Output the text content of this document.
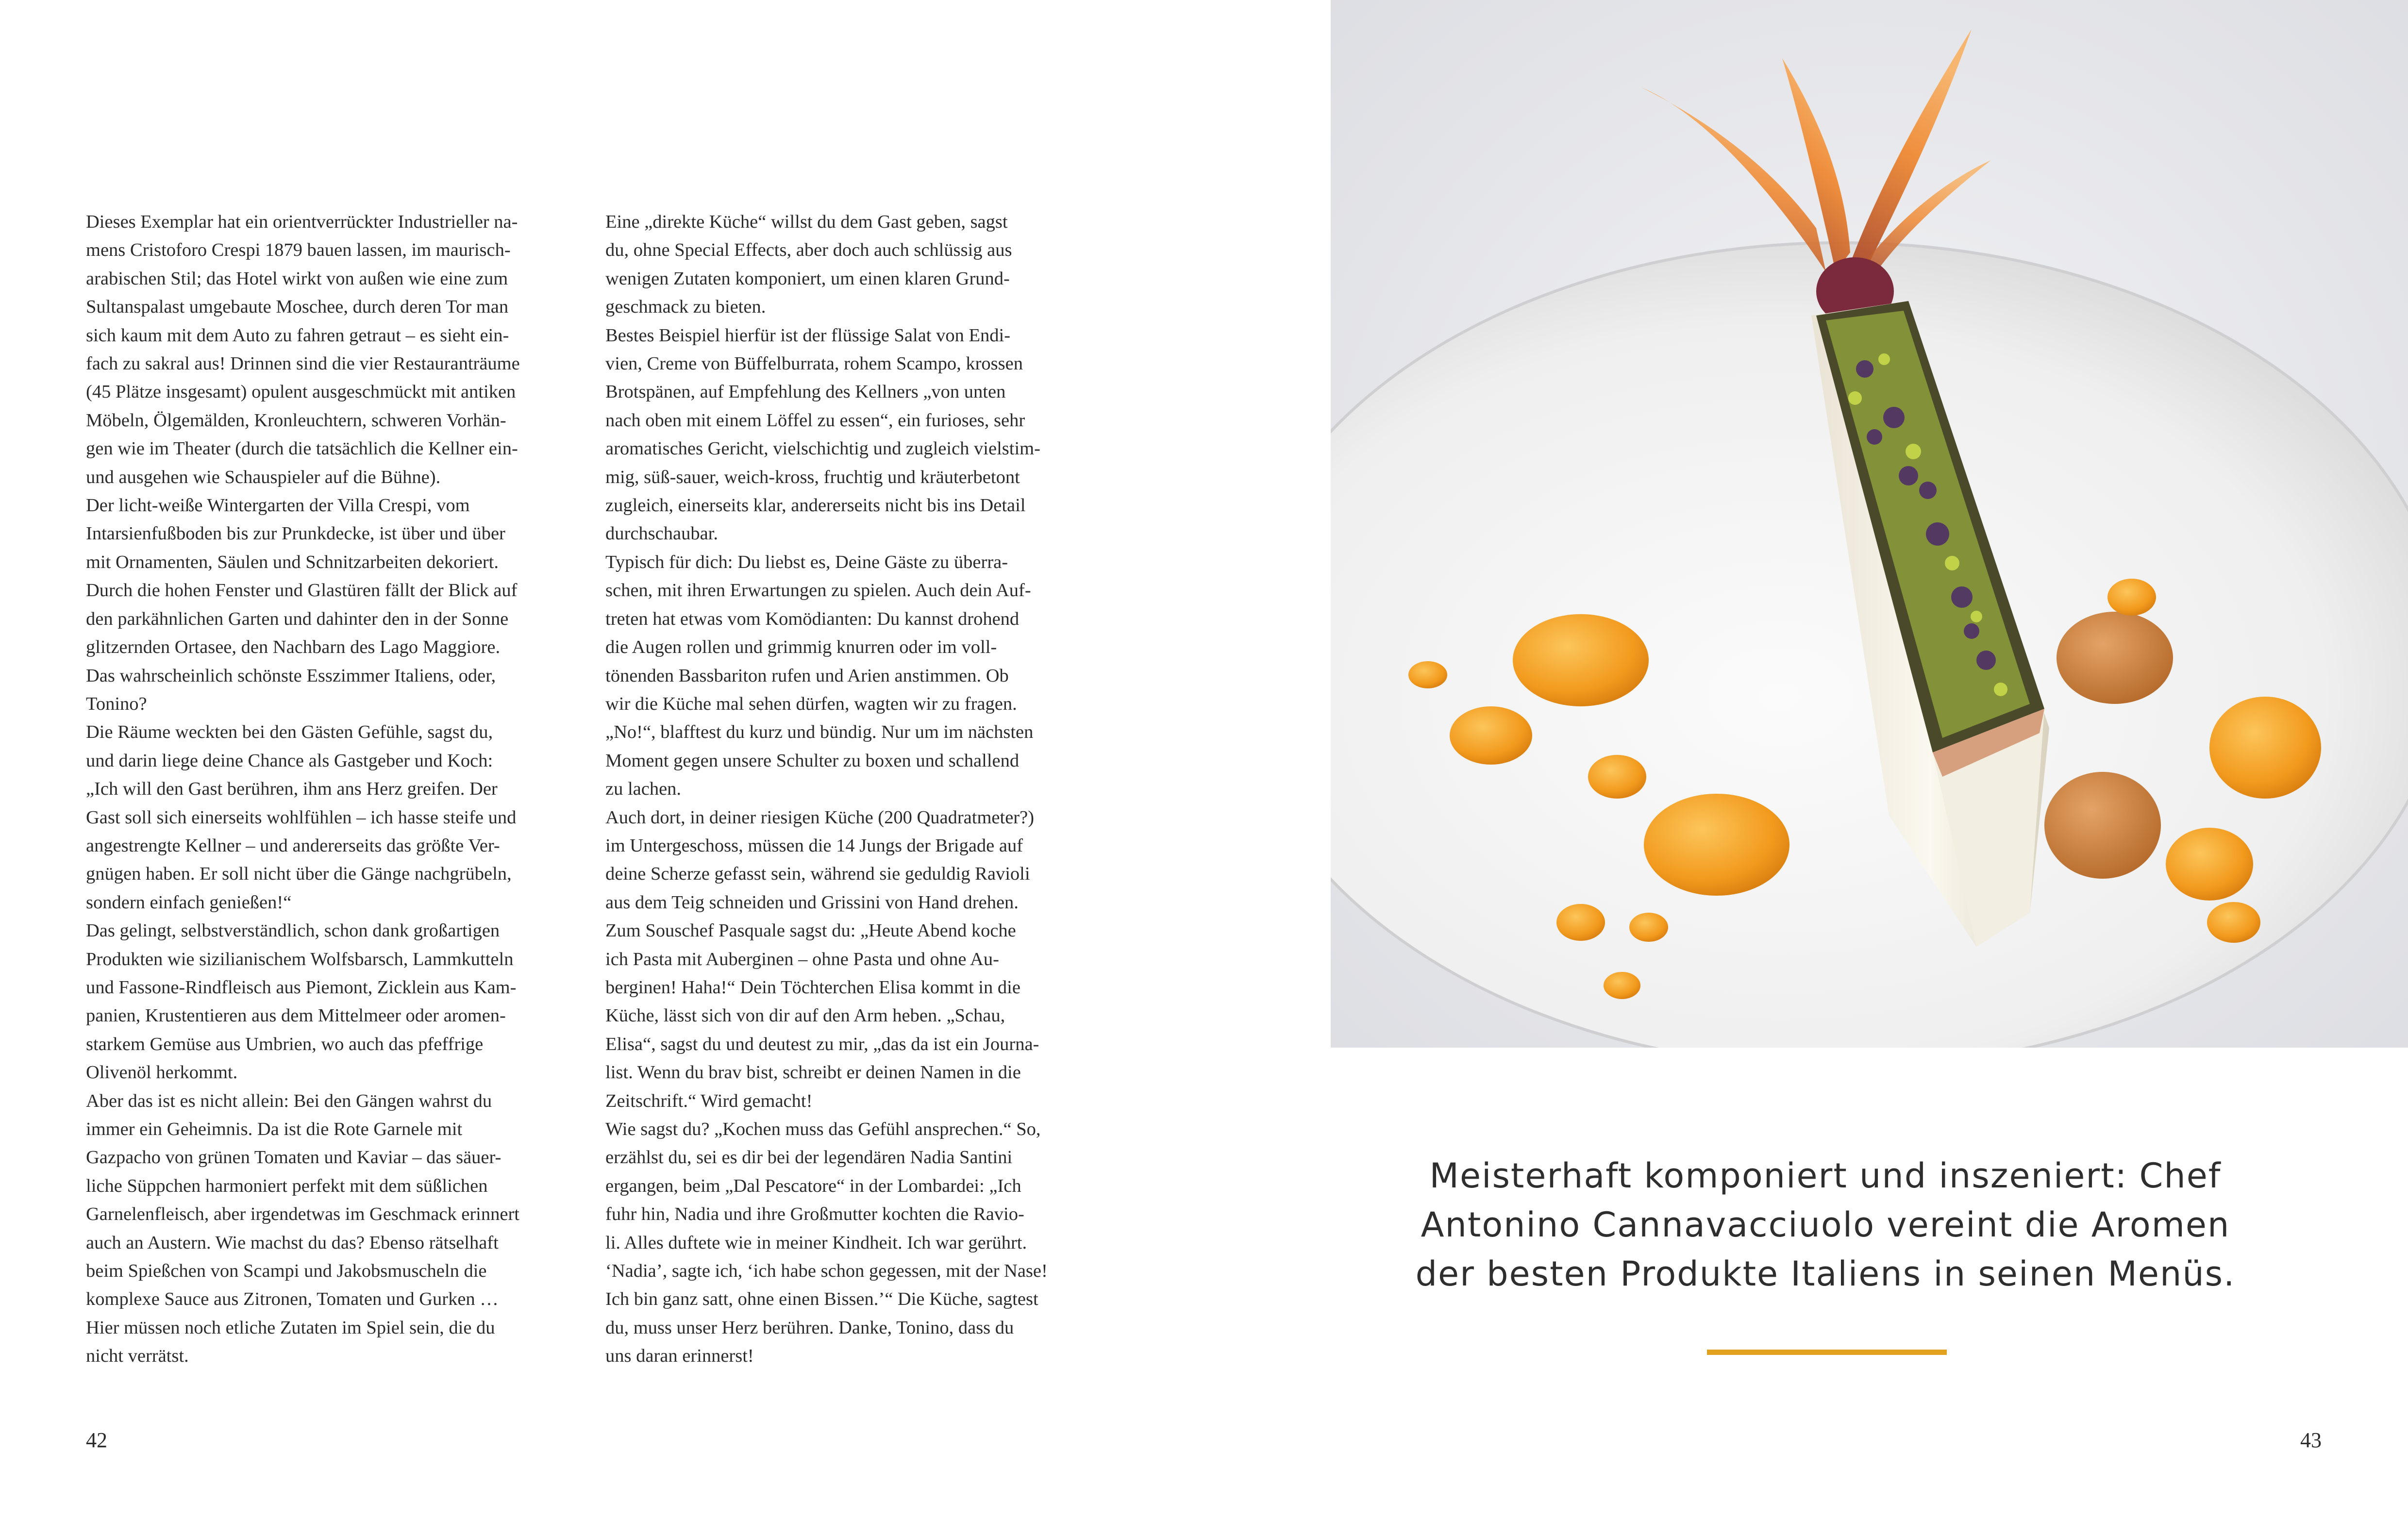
Dieses Exemplar hat ein orientverrückter Industrieller na-

mens Cristoforo Crespi 1879 bauen lassen, im maurisch-

arabischen Stil; das Hotel wirkt von außen wie eine zum

Sultanspalast umgebaute Moschee, durch deren Tor man

sich kaum mit dem Auto zu fahren getraut – es sieht ein-

fach zu sakral aus! Drinnen sind die vier Restauranträume

(45 Plätze insgesamt) opulent ausgeschmückt mit antiken

Möbeln, Ölgemälden, Kronleuchtern, schweren Vorhän-

gen wie im Theater (durch die tatsächlich die Kellner ein-

und ausgehen wie Schauspieler auf die Bühne).

Der licht-weiße Wintergarten der Villa Crespi, vom

Intarsienfußboden bis zur Prunkdecke, ist über und über

mit Ornamenten, Säulen und Schnitzarbeiten dekoriert.

Durch die hohen Fenster und Glastüren fällt der Blick auf

den parkähnlichen Garten und dahinter den in der Sonne

glitzernden Ortasee, den Nachbarn des Lago Maggiore.

Das wahrscheinlich schönste Esszimmer Italiens, oder,

Tonino?

Die Räume weckten bei den Gästen Gefühle, sagst du,

und darin liege deine Chance als Gastgeber und Koch:

„Ich will den Gast berühren, ihm ans Herz greifen. Der

Gast soll sich einerseits wohlfühlen – ich hasse steife und

angestrengte Kellner – und andererseits das größte Ver-

gnügen haben. Er soll nicht über die Gänge nachgrübeln,

sondern einfach genießen!“

Das gelingt, selbstverständlich, schon dank großartigen

Produkten wie sizilianischem Wolfsbarsch, Lammkutteln

und Fassone-Rindfleisch aus Piemont, Zicklein aus Kam-

panien, Krustentieren aus dem Mittelmeer oder aromen-

starkem Gemüse aus Umbrien, wo auch das pfeffrige

Olivenöl herkommt.

Aber das ist es nicht allein: Bei den Gängen wahrst du

immer ein Geheimnis. Da ist die Rote Garnele mit

Gazpacho von grünen Tomaten und Kaviar – das säuer-

liche Süppchen harmoniert perfekt mit dem süßlichen

Garnelenfleisch, aber irgendetwas im Geschmack erinnert

auch an Austern. Wie machst du das? Ebenso rätselhaft

beim Spießchen von Scampi und Jakobsmuscheln die

komplexe Sauce aus Zitronen, Tomaten und Gurken …

Hier müssen noch etliche Zutaten im Spiel sein, die du

nicht verrätst.

Eine „direkte Küche“ willst du dem Gast geben, sagst

du, ohne Special Effects, aber doch auch schlüssig aus

wenigen Zutaten komponiert, um einen klaren Grund-

geschmack zu bieten.

Bestes Beispiel hierfür ist der flüssige Salat von Endi-

vien, Creme von Büffelburrata, rohem Scampo, krossen

Brotspänen, auf Empfehlung des Kellners „von unten

nach oben mit einem Löffel zu essen“, ein furioses, sehr

aromatisches Gericht, vielschichtig und zugleich vielstim-

mig, süß-sauer, weich-kross, fruchtig und kräuterbetont

zugleich, einerseits klar, andererseits nicht bis ins Detail

durchschaubar.

Typisch für dich: Du liebst es, Deine Gäste zu überra-

schen, mit ihren Erwartungen zu spielen. Auch dein Auf-

treten hat etwas vom Komödianten: Du kannst drohend

die Augen rollen und grimmig knurren oder im voll-

tönenden Bassbariton rufen und Arien anstimmen. Ob

wir die Küche mal sehen dürfen, wagten wir zu fragen.

„No!“, blafftest du kurz und bündig. Nur um im nächsten

Moment gegen unsere Schulter zu boxen und schallend

zu lachen.

Auch dort, in deiner riesigen Küche (200 Quadratmeter?)

im Untergeschoss, müssen die 14 Jungs der Brigade auf

deine Scherze gefasst sein, während sie geduldig Ravioli

aus dem Teig schneiden und Grissini von Hand drehen.

Zum Souschef Pasquale sagst du: „Heute Abend koche

ich Pasta mit Auberginen – ohne Pasta und ohne Au-

berginen! Haha!“ Dein Töchterchen Elisa kommt in die

Küche, lässt sich von dir auf den Arm heben. „Schau,

Elisa“, sagst du und deutest zu mir, „das da ist ein Journa-

list. Wenn du brav bist, schreibt er deinen Namen in die

Zeitschrift.“ Wird gemacht!

Wie sagst du? „Kochen muss das Gefühl ansprechen.“ So,

erzählst du, sei es dir bei der legendären Nadia Santini

ergangen, beim „Dal Pescatore“ in der Lombardei: „Ich

fuhr hin, Nadia und ihre Großmutter kochten die Ravio-

li. Alles duftete wie in meiner Kindheit. Ich war gerührt.

‘Nadia’, sagte ich, ‘ich habe schon gegessen, mit der Nase!

Ich bin ganz satt, ohne einen Bissen.’“ Die Küche, sagtest

du, muss unser Herz berühren. Danke, Tonino, dass du

uns daran erinnerst!

Meisterhaft komponiert und inszeniert: Chef
Antonino Cannavacciuolo vereint die Aromen
der besten Produkte Italiens in seinen Menüs.
42	43
